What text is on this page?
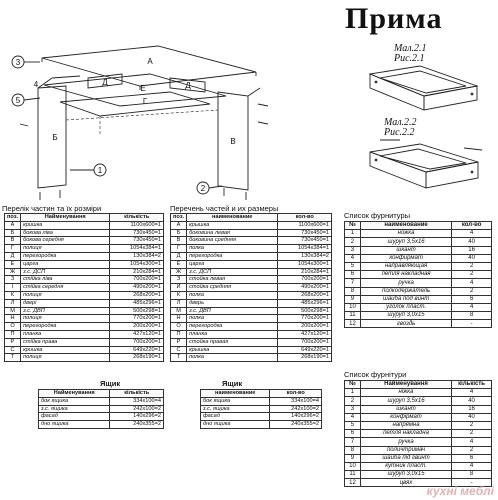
Прима
3
4
5
1
2
А
Б	В
Г
Д	Д
Е
Мал.2.1
Рис.2.1
Мал.2.2
Рис.2.2
Перелік частин та їх розміри
поз.	Найменування	кількість
А	кришка	1100x600=1
Б	бокова ліва	730x450=1
В	бокова середня	730x450=1
Г	полиця	1054x384=1
Д	перегородка	130x384=2
Е	царга	1054x300=1
Ж	з.с. ДСП	210x284=1
З	стійка ліва	700x200=1
І	стійка середня	490x200=1
К	полиця	268x200=1
Л	двері	485x296=1
М	з.с. ДВП	500x298=1
Н	полиця	770x200=1
О	перегородка	200x200=1
П	планка	427x120=1
Р	стійка права	700x200=1
С	кришка	649x220=1
Т	полиця	268x190=1
Ящик
Найменування	кількість
бок ящика	334x100=4
з.с. ящика	242x100=2
фасад	140x296=2
дно ящика	240x355=2
Перечень частей и их размеры
поз.	наименование	кол-во
А	крышка	1100x600=1
Б	боковина левая	730x450=1
В	боковина средняя	730x450=1
Г	полка	1054x384=1
Д	перегородка	130x384=2
Е	царга	1054x300=1
Ж	з.с. ДСП	210x284=1
З	стойка левая	700x200=1
И	стойка средняя	490x200=1
К	полка	268x200=1
Л	дверь	485x296=1
М	з.с. ДВП	500x298=1
Н	полка	770x200=1
О	перегородка	200x200=1
П	планка	427x120=1
Р	стойка правая	700x200=1
С	крышка	649x220=1
Т	полка	268x190=1
Ящик
наименование	кол-во
бок ящика	334x100=4
з.с. ящика	242x100=2
фасад	140x296=2
дно ящика	240x355=2
Список фурнитуры
№	наименование	кол-во
1	ножка	4
2	шуруп 3,5x16	40
3	шкант	16
4	конфирмат	40
5	направляющая	2
6	петля накладная	2
7	ручка	4
8	полкодержатель	2
9	шайба под винт	6
10	уголок пласт.	4
11	шуруп 3,0x15	8
12	гвоздь	-
Список фурнітури
№	Найменування	кількість
1	ніжка	4
2	шуруп 3,5x16	40
3	шкант	16
4	конфірмат	40
5	напрямна	2
6	петля накладна	2
7	ручка	4
8	поличтримач	2
9	шайба під гвинт	6
10	кутник пласт.	4
11	шуруп 3,0x15	8
12	цвях	-
кухні меблі
